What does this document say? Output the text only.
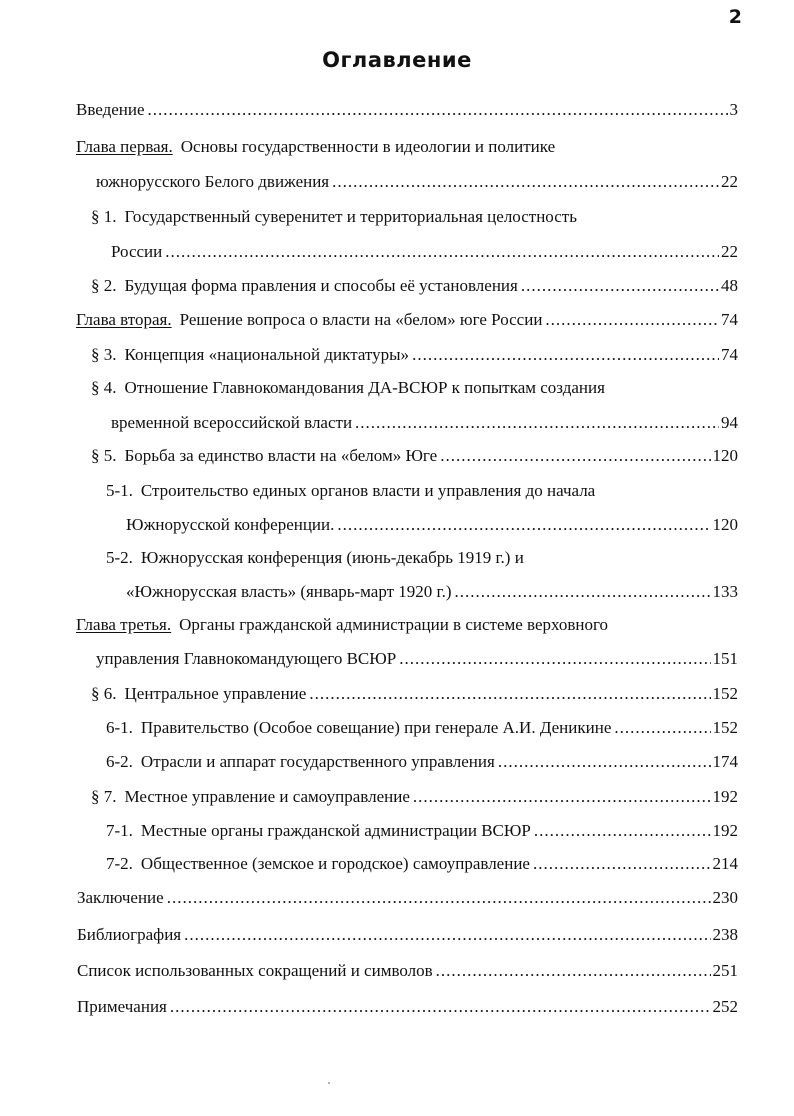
2
Оглавление
Введение .....	3
Глава первая. Основы государственности в идеологии и политике
южнорусского Белого движения .....	22
§ 1. Государственный суверенитет и территориальная целостность
России .....	22
§ 2. Будущая форма правления и способы её установления .....	48
Глава вторая. Решение вопроса о власти на «белом» юге России .....	74
§ 3. Концепция «национальной диктатуры» .....	74
§ 4. Отношение Главнокомандования ДА-ВСЮР к попыткам создания
временной всероссийской власти .....	94
§ 5. Борьба за единство власти на «белом» Юге .....	120
5-1. Строительство единых органов власти и управления до начала
Южнорусской конференции. .....	120
5-2. Южнорусская конференция (июнь-декабрь 1919 г.) и
«Южнорусская власть» (январь-март 1920 г.) .....	133
Глава третья. Органы гражданской администрации в системе верховного
управления Главнокомандующего ВСЮР .....	151
§ 6. Центральное управление .....	152
6-1. Правительство (Особое совещание) при генерале А.И. Деникине .....	152
6-2. Отрасли и аппарат государственного управления .....	174
§ 7. Местное управление и самоуправление .....	192
7-1. Местные органы гражданской администрации ВСЮР .....	192
7-2. Общественное (земское и городское) самоуправление .....	214
Заключение .....	230
Библиография .....	238
Список использованных сокращений и символов .....	251
Примечания .....	252
